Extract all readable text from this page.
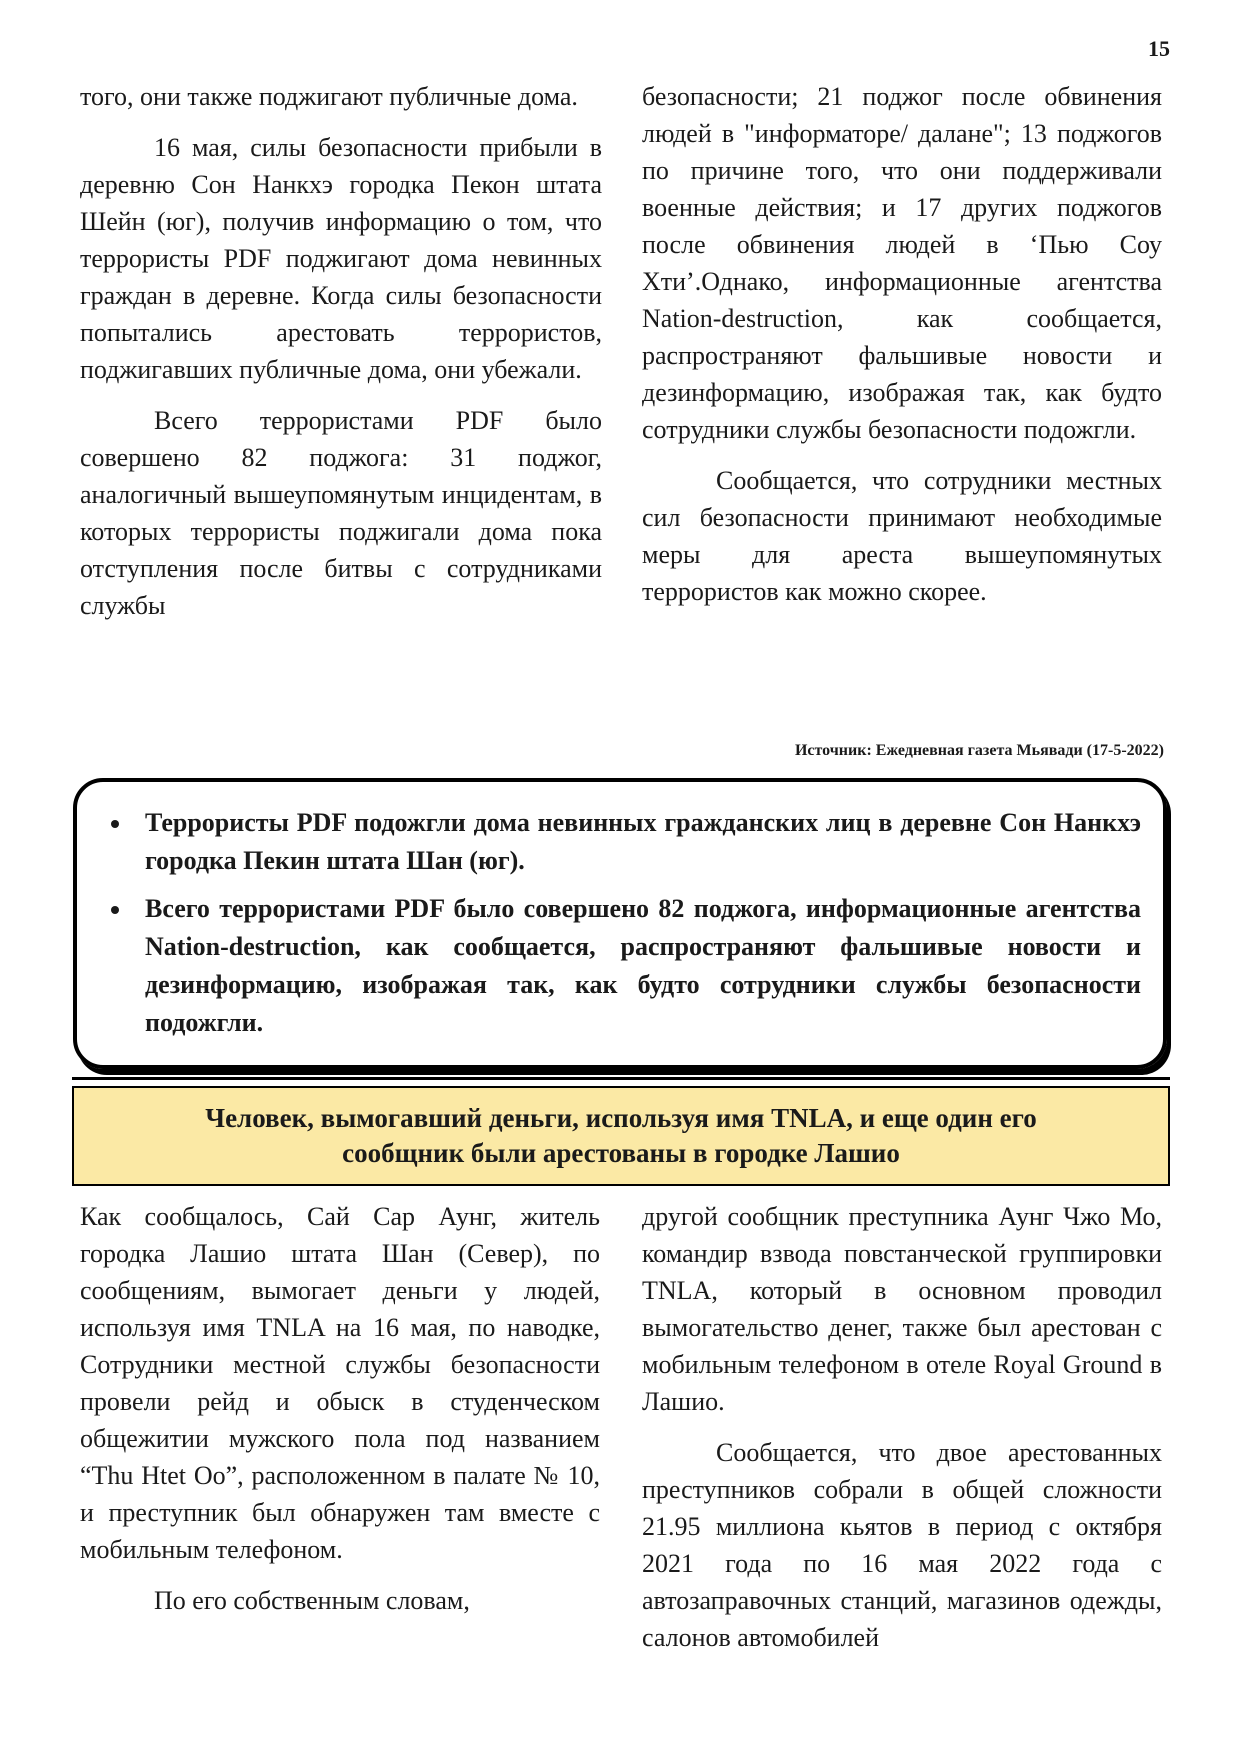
15

того, они также поджигают публичные дома.

16 мая, силы безопасности прибыли в деревню Сон Нанкхэ городка Пекон штата Шейн (юг), получив информацию о том, что террористы PDF поджигают дома невинных граждан в деревне. Когда силы безопасности попытались арестовать террористов, поджигавших публичные дома, они убежали.

Всего террористами PDF было совершено 82 поджога: 31 поджог, аналогичный вышеупомянутым инцидентам, в которых террористы поджигали дома пока отступления после битвы с сотрудниками службы

безопасности; 21 поджог после обвинения людей в "информаторе/ далане"; 13 поджогов по причине того, что они поддерживали военные действия; и 17 других поджогов после обвинения людей в ‘Пью Соу Хти’.Однако, информационные агентства Nation-destruction, как сообщается, распространяют фальшивые новости и дезинформацию, изображая так, как будто сотрудники службы безопасности подожгли.

Сообщается, что сотрудники местных сил безопасности принимают необходимые меры для ареста вышеупомянутых террористов как можно скорее.

Источник: Ежедневная газета Мьявади (17-5-2022)
• Террористы PDF подожгли дома невинных гражданских лиц в деревне Сон Нанкхэ городка Пекин штата Шан (юг).
• Всего террористами PDF было совершено 82 поджога, информационные агентства Nation-destruction, как сообщается, распространяют фальшивые новости и дезинформацию, изображая так, как будто сотрудники службы безопасности подожгли.
Человек, вымогавший деньги, используя имя TNLA, и еще один его сообщник были арестованы в городке Лашио

Как сообщалось, Сай Сар Аунг, житель городка Лашио штата Шан (Север), по сообщениям, вымогает деньги у людей, используя имя TNLA на 16 мая, по наводке, Сотрудники местной службы безопасности провели рейд и обыск в студенческом общежитии мужского пола под названием “Thu Htet Oo”, расположенном в палате № 10, и преступник был обнаружен там вместе с мобильным телефоном.

По его собственным словам,

другой сообщник преступника Аунг Чжо Мо, командир взвода повстанческой группировки TNLA, который в основном проводил вымогательство денег, также был арестован с мобильным телефоном в отеле Royal Ground в Лашио.

Сообщается, что двое арестованных преступников собрали в общей сложности 21.95 миллиона кьятов в период с октября 2021 года по 16 мая 2022 года с автозаправочных станций, магазинов одежды, салонов автомобилей
